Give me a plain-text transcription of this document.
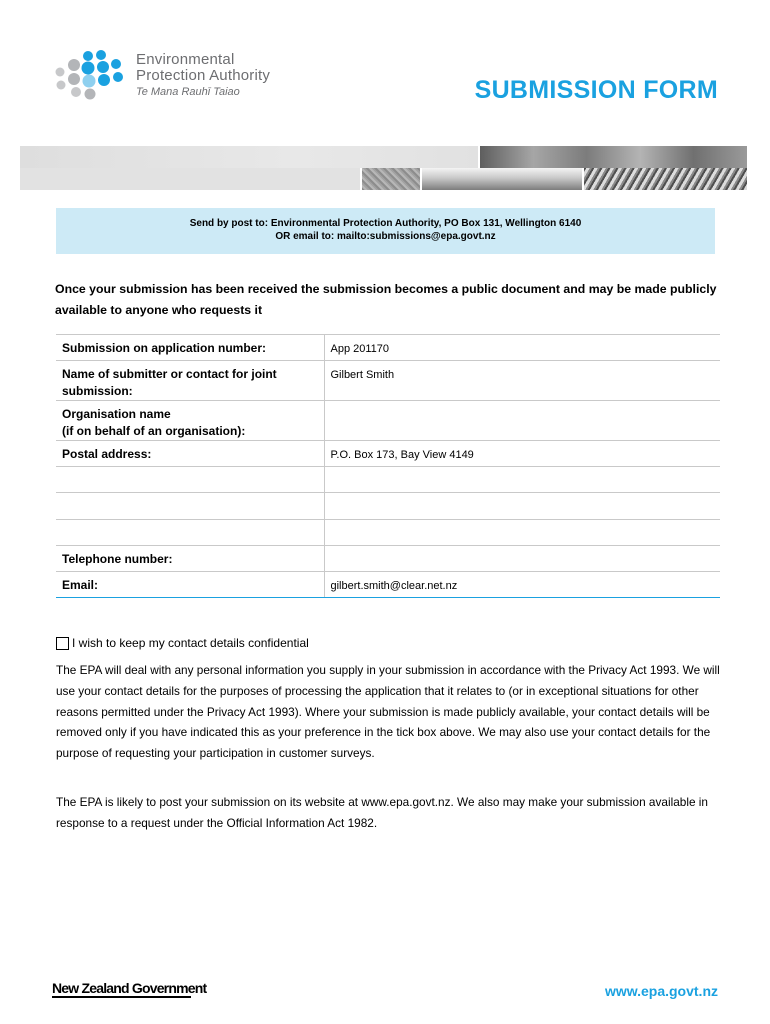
Environmental
Protection Authority
Te Mana Rauhī Taiao	SUBMISSION FORM
Send by post to: Environmental Protection Authority, PO Box 131, Wellington 6140
OR email to: mailto:submissions@epa.govt.nz
Once your submission has been received the submission becomes a public document and may be made publicly available to anyone who requests it
Submission on application number:	App 201170
Name of submitter or contact for joint submission:	Gilbert Smith

Organisation name
(if on behalf of an organisation):	

Postal address:	P.O. Box 173, Bay View 4149

Telephone number:	
Email:	gilbert.smith@clear.net.nz
I wish to keep my contact details confidential
The EPA will deal with any personal information you supply in your submission in accordance with the Privacy Act 1993. We will use your contact details for the purposes of processing the application that it relates to (or in exceptional situations for other reasons permitted under the Privacy Act 1993). Where your submission is made publicly available, your contact details will be removed only if you have indicated this as your preference in the tick box above. We may also use your contact details for the purpose of requesting your participation in customer surveys.
The EPA is likely to post your submission on its website at www.epa.govt.nz. We also may make your submission available in response to a request under the Official Information Act 1982.
New Zealand Government	www.epa.govt.nz
